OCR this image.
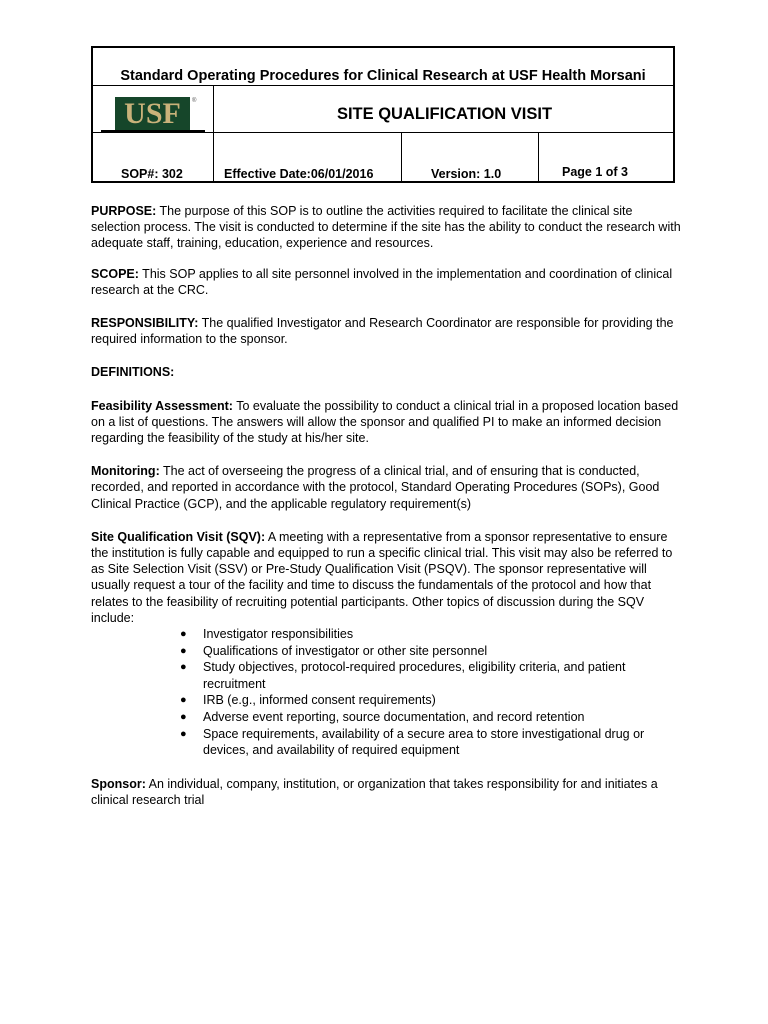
Standard Operating Procedures for Clinical Research at USF Health Morsani
USF ®
SITE QUALIFICATION VISIT
SOP#: 302	Effective Date:06/01/2016	Version: 1.0	Page 1 of 3

PURPOSE: The purpose of this SOP is to outline the activities required to facilitate the clinical site selection process. The visit is conducted to determine if the site has the ability to conduct the research with adequate staff, training, education, experience and resources.

SCOPE: This SOP applies to all site personnel involved in the implementation and coordination of clinical research at the CRC.

RESPONSIBILITY: The qualified Investigator and Research Coordinator are responsible for providing the required information to the sponsor.

DEFINITIONS:

Feasibility Assessment: To evaluate the possibility to conduct a clinical trial in a proposed location based on a list of questions. The answers will allow the sponsor and qualified PI to make an informed decision regarding the feasibility of the study at his/her site.

Monitoring: The act of overseeing the progress of a clinical trial, and of ensuring that is conducted, recorded, and reported in accordance with the protocol, Standard Operating Procedures (SOPs), Good Clinical Practice (GCP), and the applicable regulatory requirement(s)

Site Qualification Visit (SQV): A meeting with a representative from a sponsor representative to ensure the institution is fully capable and equipped to run a specific clinical trial. This visit may also be referred to as Site Selection Visit (SSV) or Pre-Study Qualification Visit (PSQV). The sponsor representative will usually request a tour of the facility and time to discuss the fundamentals of the protocol and how that relates to the feasibility of recruiting potential participants. Other topics of discussion during the SQV include:

● Investigator responsibilities
● Qualifications of investigator or other site personnel
● Study objectives, protocol-required procedures, eligibility criteria, and patient recruitment
● IRB (e.g., informed consent requirements)
● Adverse event reporting, source documentation, and record retention
● Space requirements, availability of a secure area to store investigational drug or devices, and availability of required equipment

Sponsor: An individual, company, institution, or organization that takes responsibility for and initiates a clinical research trial
